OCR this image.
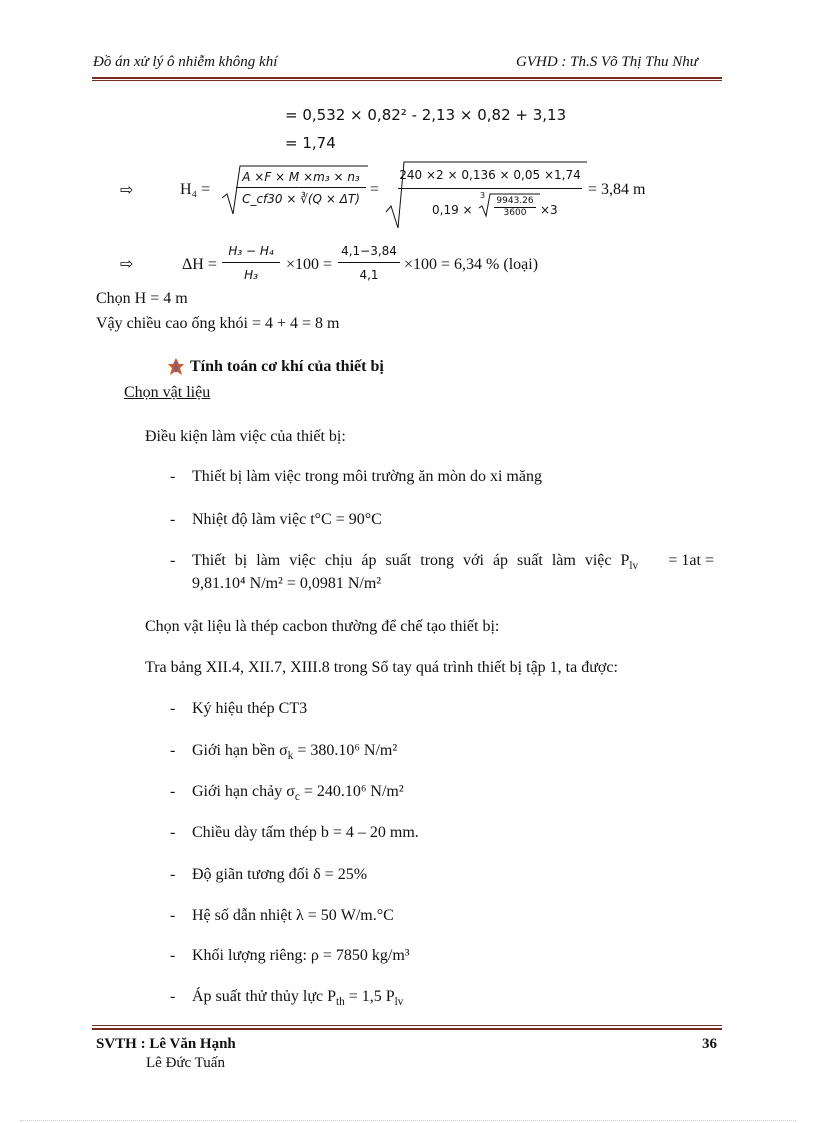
Đồ án xử lý ô nhiễm không khí	GVHD : Th.S Võ Thị Thu Như
= 0,532 × 0,82² - 2,13 × 0,82 + 3,13
= 1,74
⇨	H₄ =
A ×F × M ×m₃ × n₃
C_cf30 × ∛(Q × ΔT)
=
240 ×2 × 0,136 × 0,05 ×1,74
0,19 ×
3
9943.26
3600	×3
= 3,84 m
⇨	ΔH =
H₃ − H₄
H₃
×100 =
4,1−3,84
4,1
×100 = 6,34 % (loại)
Chọn H = 4 m
Vậy chiều cao ống khói = 4 + 4 = 8 m
Tính toán cơ khí của thiết bị
Chọn vật liệu
Điều kiện làm việc của thiết bị:
- Thiết bị làm việc trong môi trường ăn mòn do xi măng
- Nhiệt độ làm việc t°C = 90°C
- Thiết bị làm việc chịu áp suất trong với áp suất làm việc $P_{lv} = 1at$ =
9,81.10⁴ N/m² = 0,0981 N/m²
Chọn vật liệu là thép cacbon thường để chế tạo thiết bị:
Tra bảng XII.4, XII.7, XIII.8 trong Sổ tay quá trình thiết bị tập 1, ta được:
- Ký hiệu thép CT3
- Giới hạn bền $\sigma_k = 380.10^6$ N/m²
- Giới hạn chảy $\sigma_c = 240.10^6$ N/m²
- Chiều dày tấm thép b = 4 – 20 mm.
- Độ giãn tương đối δ = 25%
- Hệ số dẫn nhiệt λ = 50 W/m.°C
- Khối lượng riêng: ρ = 7850 kg/m³
- Áp suất thử thủy lực $P_{th} = 1,5$ $P_{lv}$
SVTH : Lê Văn Hạnh
Lê Đức Tuấn
36
